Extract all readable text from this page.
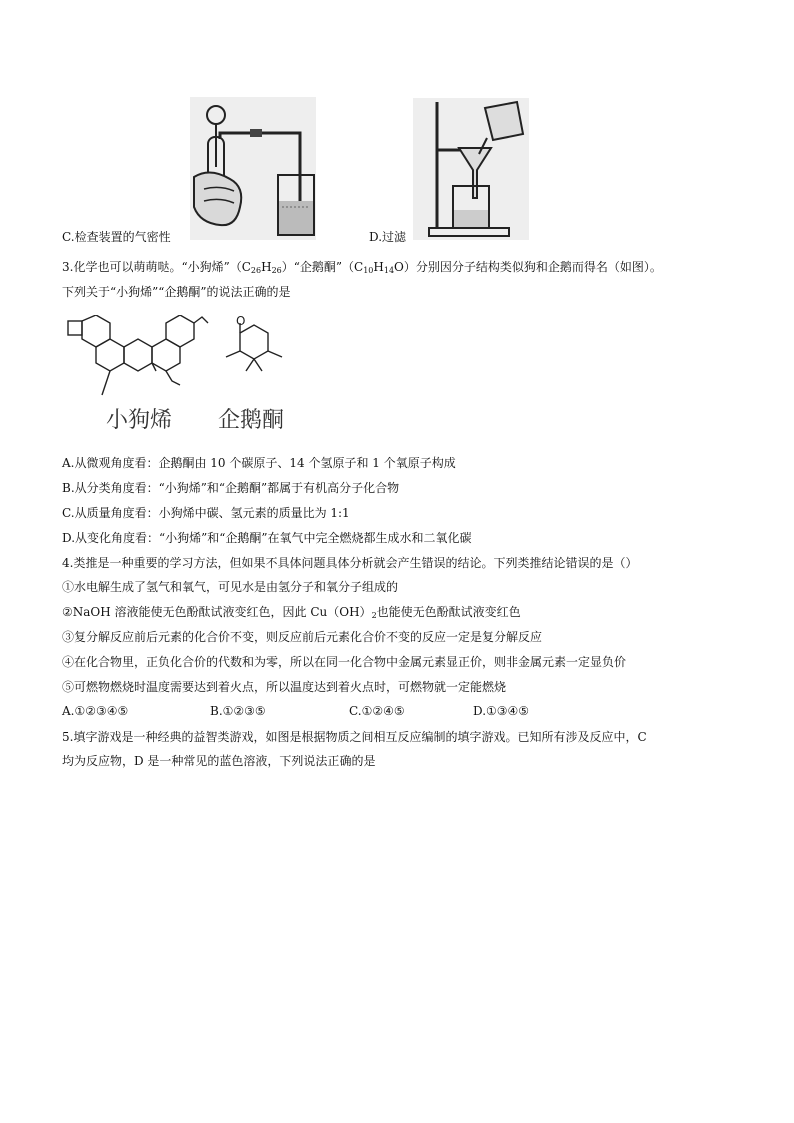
C.检查装置的气密性	D.过滤
3.化学也可以萌萌哒。“小狗烯$”(C_{26}H_{26})“$企鹅酮$”(C_{10}H_{14}O)$分别因分子结构类似狗和企鹅而得名（如图）。
下列关于“小狗烯”“企鹅酮”的说法正确的是
O
小狗烯 企鹅酮
A.从微观角度看：企鹅酮由 10 个碳原子、14 个氢原子和 1 个氧原子构成
B.从分类角度看：“小狗烯”和“企鹅酮”都属于有机高分子化合物
C.从质量角度看：小狗烯中碳、氢元素的质量比为 1:1
D.从变化角度看：“小狗烯”和“企鹅酮”在氧气中完全燃烧都生成水和二氧化碳
4.类推是一种重要的学习方法，但如果不具体问题具体分析就会产生错误的结论。下列类推结论错误的是（）
①水电解生成了氢气和氧气，可见水是由氢分子和氧分子组成的
②NaOH 溶液能使无色酚酞试液变红色，因此 $Cu(OH)_2$也能使无色酚酞试液变红色
③复分解反应前后元素的化合价不变，则反应前后元素化合价不变的反应一定是复分解反应
④在化合物里，正负化合价的代数和为零，所以在同一化合物中金属元素显正价，则非金属元素一定显负价
⑤可燃物燃烧时温度需要达到着火点，所以温度达到着火点时，可燃物就一定能燃烧
A.①②③④⑤	B.①②③⑤	C.①②④⑤	D.①③④⑤
5.填字游戏是一种经典的益智类游戏，如图是根据物质之间相互反应编制的填字游戏。已知所有涉及反应中，C
均为反应物，D 是一种常见的蓝色溶液，下列说法正确的是
